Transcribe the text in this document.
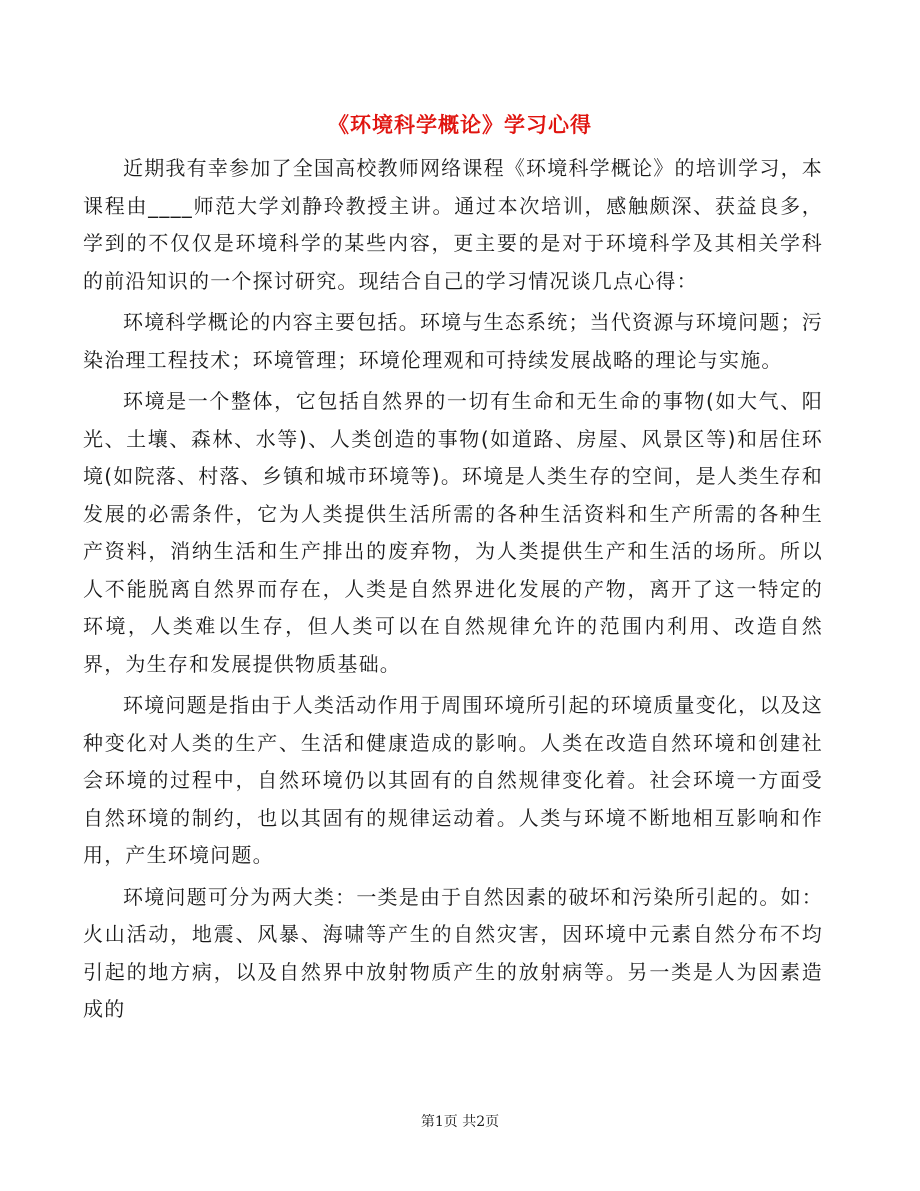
《环境科学概论》学习心得

近期我有幸参加了全国高校教师网络课程《环境科学概论》的培训学习，本课程由____师范大学刘静玲教授主讲。通过本次培训，感触颇深、获益良多，学到的不仅仅是环境科学的某些内容，更主要的是对于环境科学及其相关学科的前沿知识的一个探讨研究。现结合自己的学习情况谈几点心得：

环境科学概论的内容主要包括。环境与生态系统；当代资源与环境问题；污染治理工程技术；环境管理；环境伦理观和可持续发展战略的理论与实施。

环境是一个整体，它包括自然界的一切有生命和无生命的事物(如大气、阳光、土壤、森林、水等)、人类创造的事物(如道路、房屋、风景区等)和居住环境(如院落、村落、乡镇和城市环境等)。环境是人类生存的空间，是人类生存和发展的必需条件，它为人类提供生活所需的各种生活资料和生产所需的各种生产资料，消纳生活和生产排出的废弃物，为人类提供生产和生活的场所。所以人不能脱离自然界而存在，人类是自然界进化发展的产物，离开了这一特定的环境，人类难以生存，但人类可以在自然规律允许的范围内利用、改造自然界，为生存和发展提供物质基础。

环境问题是指由于人类活动作用于周围环境所引起的环境质量变化，以及这种变化对人类的生产、生活和健康造成的影响。人类在改造自然环境和创建社会环境的过程中，自然环境仍以其固有的自然规律变化着。社会环境一方面受自然环境的制约，也以其固有的规律运动着。人类与环境不断地相互影响和作用，产生环境问题。

环境问题可分为两大类：一类是由于自然因素的破坏和污染所引起的。如：火山活动，地震、风暴、海啸等产生的自然灾害，因环境中元素自然分布不均引起的地方病，以及自然界中放射物质产生的放射病等。另一类是人为因素造成的

第1页 共2页
